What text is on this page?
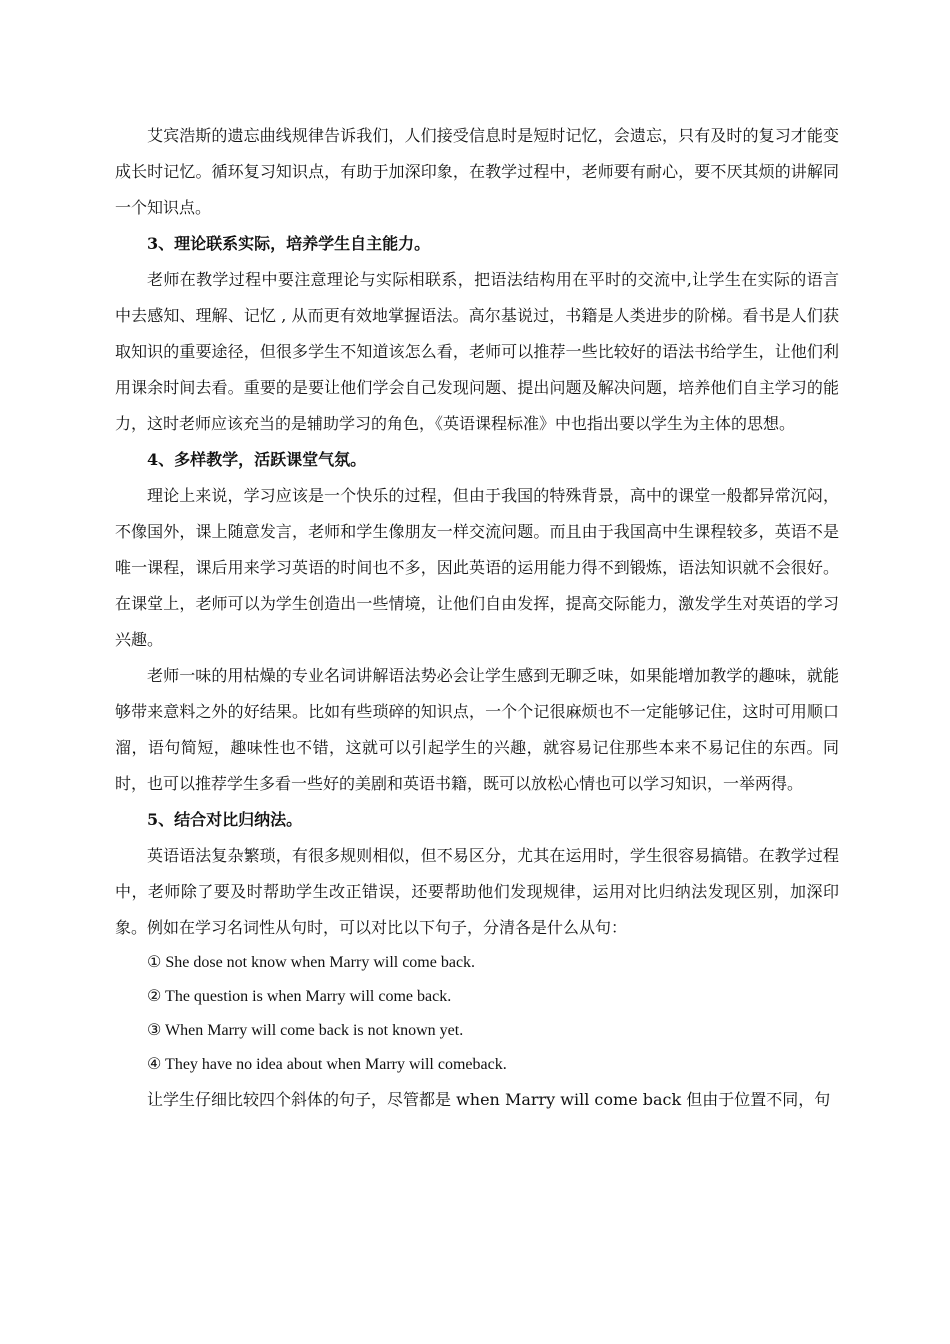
艾宾浩斯的遗忘曲线规律告诉我们，人们接受信息时是短时记忆，会遗忘，只有及时的复习才能变成长时记忆。循环复习知识点，有助于加深印象，在教学过程中，老师要有耐心，要不厌其烦的讲解同一个知识点。

3、理论联系实际，培养学生自主能力。

老师在教学过程中要注意理论与实际相联系，把语法结构用在平时的交流中,让学生在实际的语言中去感知、理解、记忆 , 从而更有效地掌握语法。高尔基说过，书籍是人类进步的阶梯。看书是人们获取知识的重要途径，但很多学生不知道该怎么看，老师可以推荐一些比较好的语法书给学生，让他们利用课余时间去看。重要的是要让他们学会自己发现问题、提出问题及解决问题，培养他们自主学习的能力，这时老师应该充当的是辅助学习的角色，《英语课程标准》中也指出要以学生为主体的思想。

4、多样教学，活跃课堂气氛。

理论上来说，学习应该是一个快乐的过程，但由于我国的特殊背景，高中的课堂一般都异常沉闷，不像国外，课上随意发言，老师和学生像朋友一样交流问题。而且由于我国高中生课程较多，英语不是唯一课程，课后用来学习英语的时间也不多，因此英语的运用能力得不到锻炼，语法知识就不会很好。在课堂上，老师可以为学生创造出一些情境，让他们自由发挥，提高交际能力，激发学生对英语的学习兴趣。

老师一味的用枯燥的专业名词讲解语法势必会让学生感到无聊乏味，如果能增加教学的趣味，就能够带来意料之外的好结果。比如有些琐碎的知识点，一个个记很麻烦也不一定能够记住，这时可用顺口溜，语句简短，趣味性也不错，这就可以引起学生的兴趣，就容易记住那些本来不易记住的东西。同时，也可以推荐学生多看一些好的美剧和英语书籍，既可以放松心情也可以学习知识，一举两得。

5、结合对比归纳法。

英语语法复杂繁琐，有很多规则相似，但不易区分，尤其在运用时，学生很容易搞错。在教学过程中，老师除了要及时帮助学生改正错误，还要帮助他们发现规律，运用对比归纳法发现区别，加深印象。例如在学习名词性从句时，可以对比以下句子，分清各是什么从句：

① She dose not know when Marry will come back.
② The question is when Marry will come back.
③ When Marry will come back is not known yet.
④ They have no idea about when Marry will comeback.

让学生仔细比较四个斜体的句子，尽管都是 when Marry will come back 但由于位置不同，句
